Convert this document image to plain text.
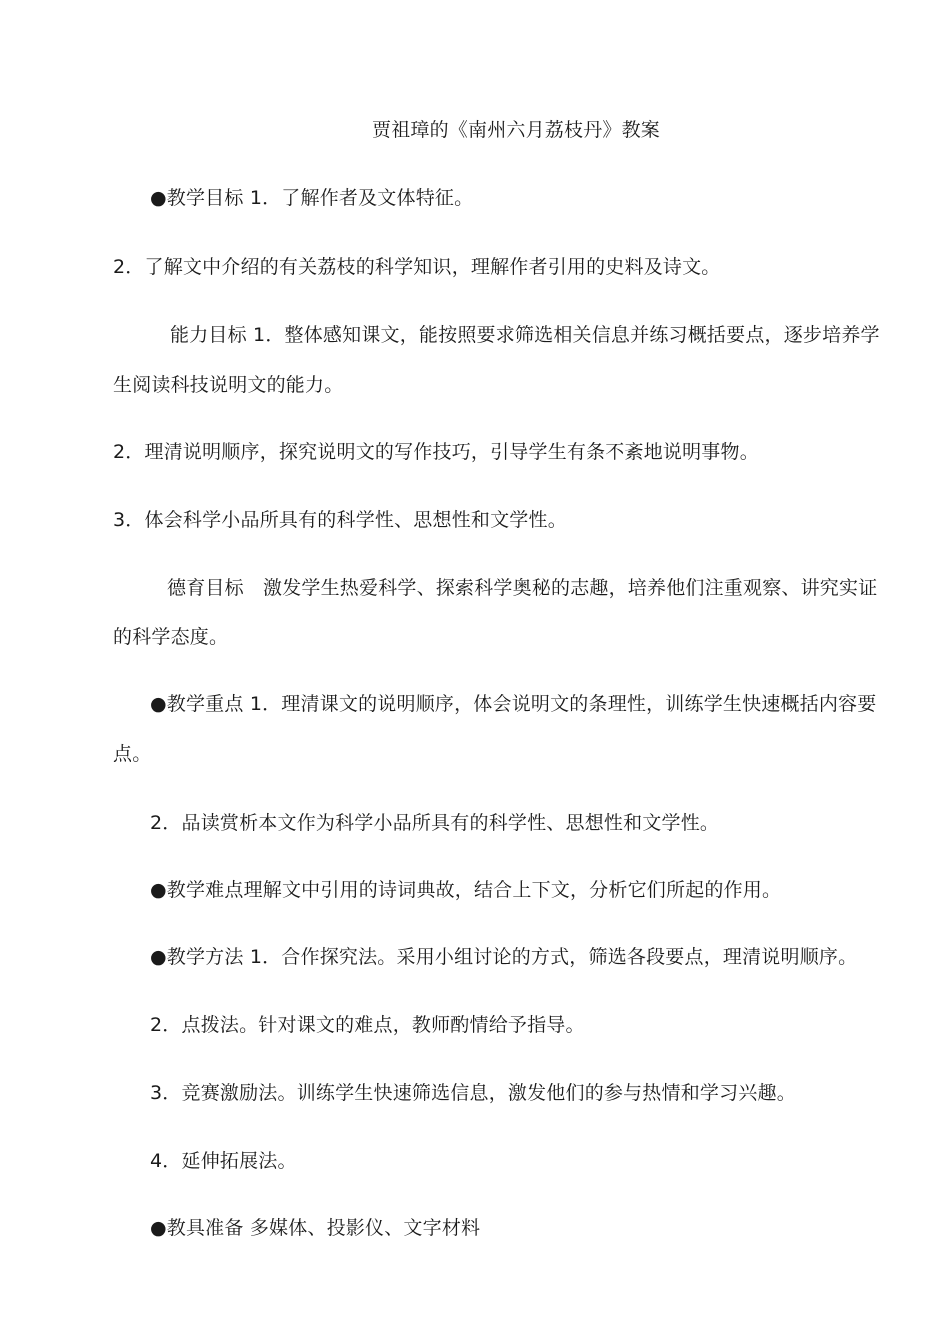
贾祖璋的《南州六月荔枝丹》教案
●教学目标 1．了解作者及文体特征。
2．了解文中介绍的有关荔枝的科学知识，理解作者引用的史料及诗文。
能力目标 1．整体感知课文，能按照要求筛选相关信息并练习概括要点，逐步培养学
生阅读科技说明文的能力。
2．理清说明顺序，探究说明文的写作技巧，引导学生有条不紊地说明事物。
3．体会科学小品所具有的科学性、思想性和文学性。
德育目标　激发学生热爱科学、探索科学奥秘的志趣，培养他们注重观察、讲究实证
的科学态度。
●教学重点 1．理清课文的说明顺序，体会说明文的条理性，训练学生快速概括内容要
点。
2．品读赏析本文作为科学小品所具有的科学性、思想性和文学性。
●教学难点理解文中引用的诗词典故，结合上下文，分析它们所起的作用。
●教学方法 1．合作探究法。采用小组讨论的方式，筛选各段要点，理清说明顺序。
2．点拨法。针对课文的难点，教师酌情给予指导。
3．竞赛激励法。训练学生快速筛选信息，激发他们的参与热情和学习兴趣。
4．延伸拓展法。
●教具准备 多媒体、投影仪、文字材料
